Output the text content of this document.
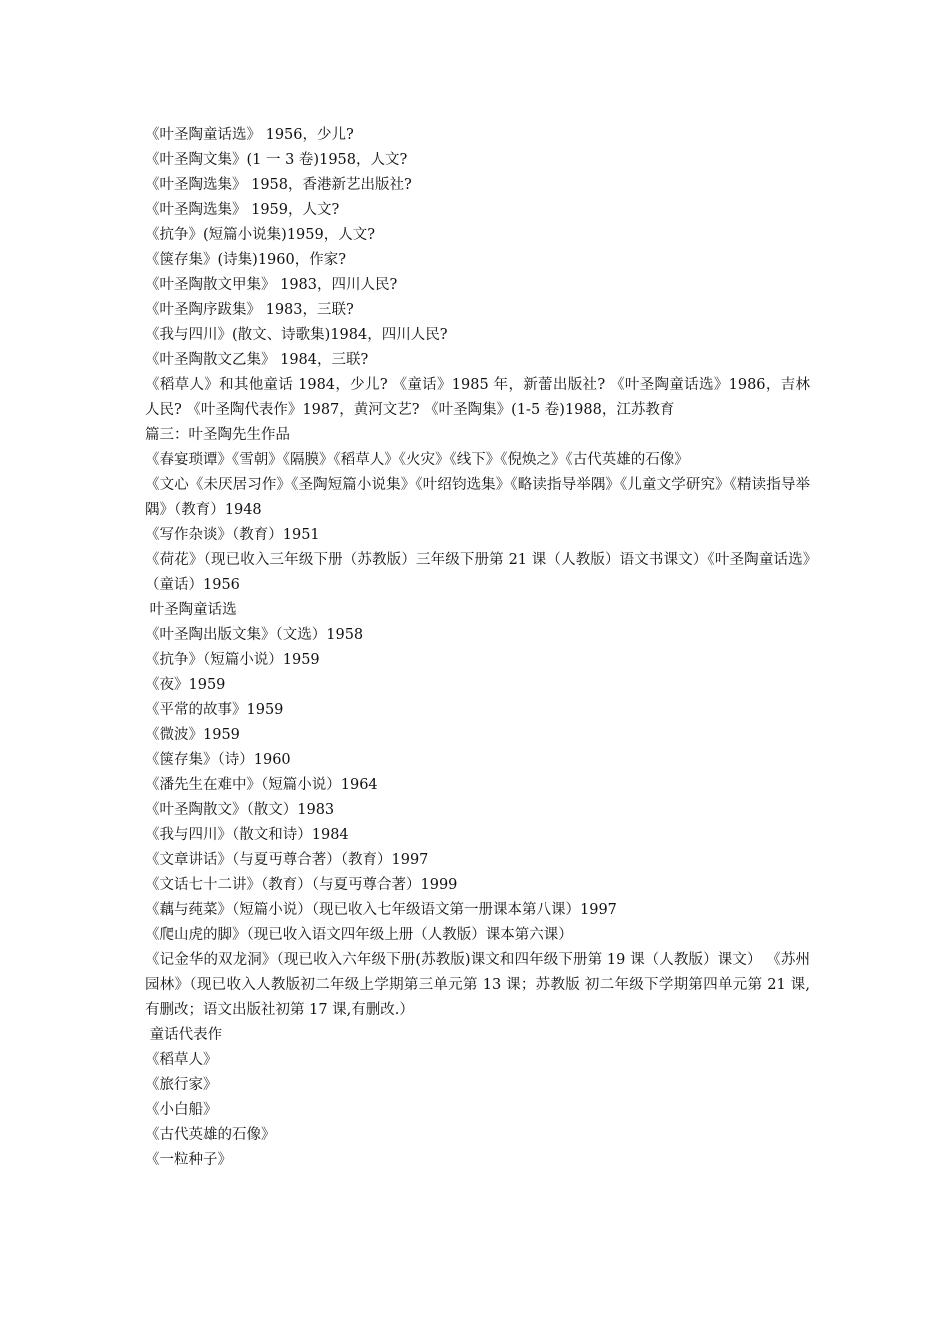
《叶圣陶童话选》 1956，少儿?

《叶圣陶文集》(1 一 3 卷)1958，人文?

《叶圣陶选集》 1958，香港新艺出版社?

《叶圣陶选集》 1959，人文?

《抗争》(短篇小说集)1959，人文?

《箧存集》(诗集)1960，作家?

《叶圣陶散文甲集》 1983，四川人民?

《叶圣陶序跋集》 1983，三联?

《我与四川》(散文、诗歌集)1984，四川人民?

《叶圣陶散文乙集》 1984，三联?

《稻草人》和其他童话 1984，少儿? 《童话》1985 年，新蕾出版社? 《叶圣陶童话选》1986，吉林人民? 《叶圣陶代表作》1987，黄河文艺? 《叶圣陶集》(1-5 卷)1988，江苏教育

篇三：叶圣陶先生作品

《春宴琐谭》《雪朝》《隔膜》《稻草人》《火灾》《线下》《倪焕之》《古代英雄的石像》

《文心《未厌居习作》《圣陶短篇小说集》《叶绍钧选集》《略读指导举隅》《儿童文学研究》《精读指导举隅》（教育）1948

《写作杂谈》（教育）1951

《荷花》（现已收入三年级下册（苏教版）三年级下册第 21 课（人教版）语文书课文）《叶圣陶童话选》（童话）1956

叶圣陶童话选

《叶圣陶出版文集》（文选）1958

《抗争》（短篇小说）1959

《夜》1959

《平常的故事》1959

《微波》1959

《箧存集》（诗）1960

《潘先生在难中》（短篇小说）1964

《叶圣陶散文》（散文）1983

《我与四川》（散文和诗）1984

《文章讲话》（与夏丏尊合著）（教育）1997

《文话七十二讲》（教育）（与夏丏尊合著）1999

《藕与莼菜》（短篇小说）（现已收入七年级语文第一册课本第八课）1997

《爬山虎的脚》（现已收入语文四年级上册（人教版）课本第六课）

《记金华的双龙洞》（现已收入六年级下册(苏教版)课文和四年级下册第 19 课（人教版）课文） 《苏州园林》（现已收入人教版初二年级上学期第三单元第 13 课；苏教版 初二年级下学期第四单元第 21 课,有删改；语文出版社初第 17 课,有删改.）

童话代表作

《稻草人》

《旅行家》

《小白船》

《古代英雄的石像》

《一粒种子》
